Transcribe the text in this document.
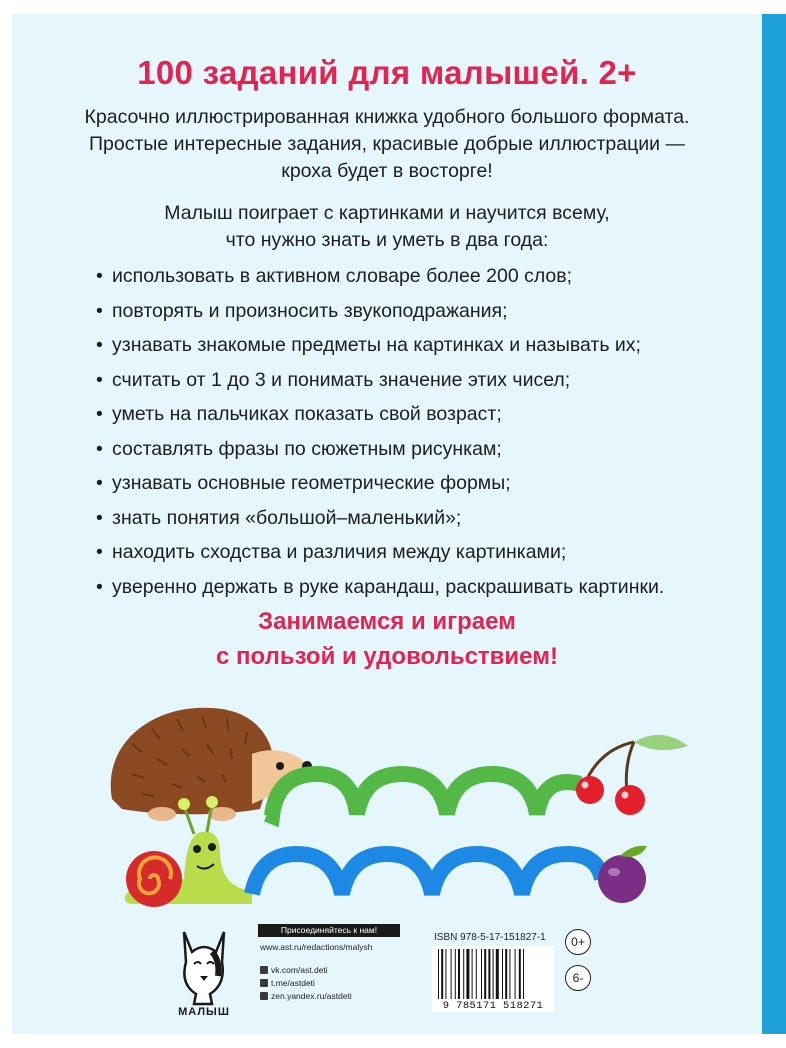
100 заданий для малышей. 2+
Красочно иллюстрированная книжка удобного большого формата.
Простые интересные задания, красивые добрые иллюстрации —
кроха будет в восторге!
Малыш поиграет с картинками и научится всему,
что нужно знать и уметь в два года:
• использовать в активном словаре более 200 слов;
• повторять и произносить звукоподражания;
• узнавать знакомые предметы на картинках и называть их;
• считать от 1 до 3 и понимать значение этих чисел;
• уметь на пальчиках показать свой возраст;
• составлять фразы по сюжетным рисункам;
• узнавать основные геометрические формы;
• знать понятия «большой–маленький»;
• находить сходства и различия между картинками;
• уверенно держать в руке карандаш, раскрашивать картинки.
Занимаемся и играем
с пользой и удовольствием!
МАЛЫШ
Присоединяйтесь к нам!
www.ast.ru/redactions/malysh
vk.com/ast.deti
t.me/astdeti
zen.yandex.ru/astdeti
ISBN 978-5-17-151827-1
9 785171 518271
0+
6-
